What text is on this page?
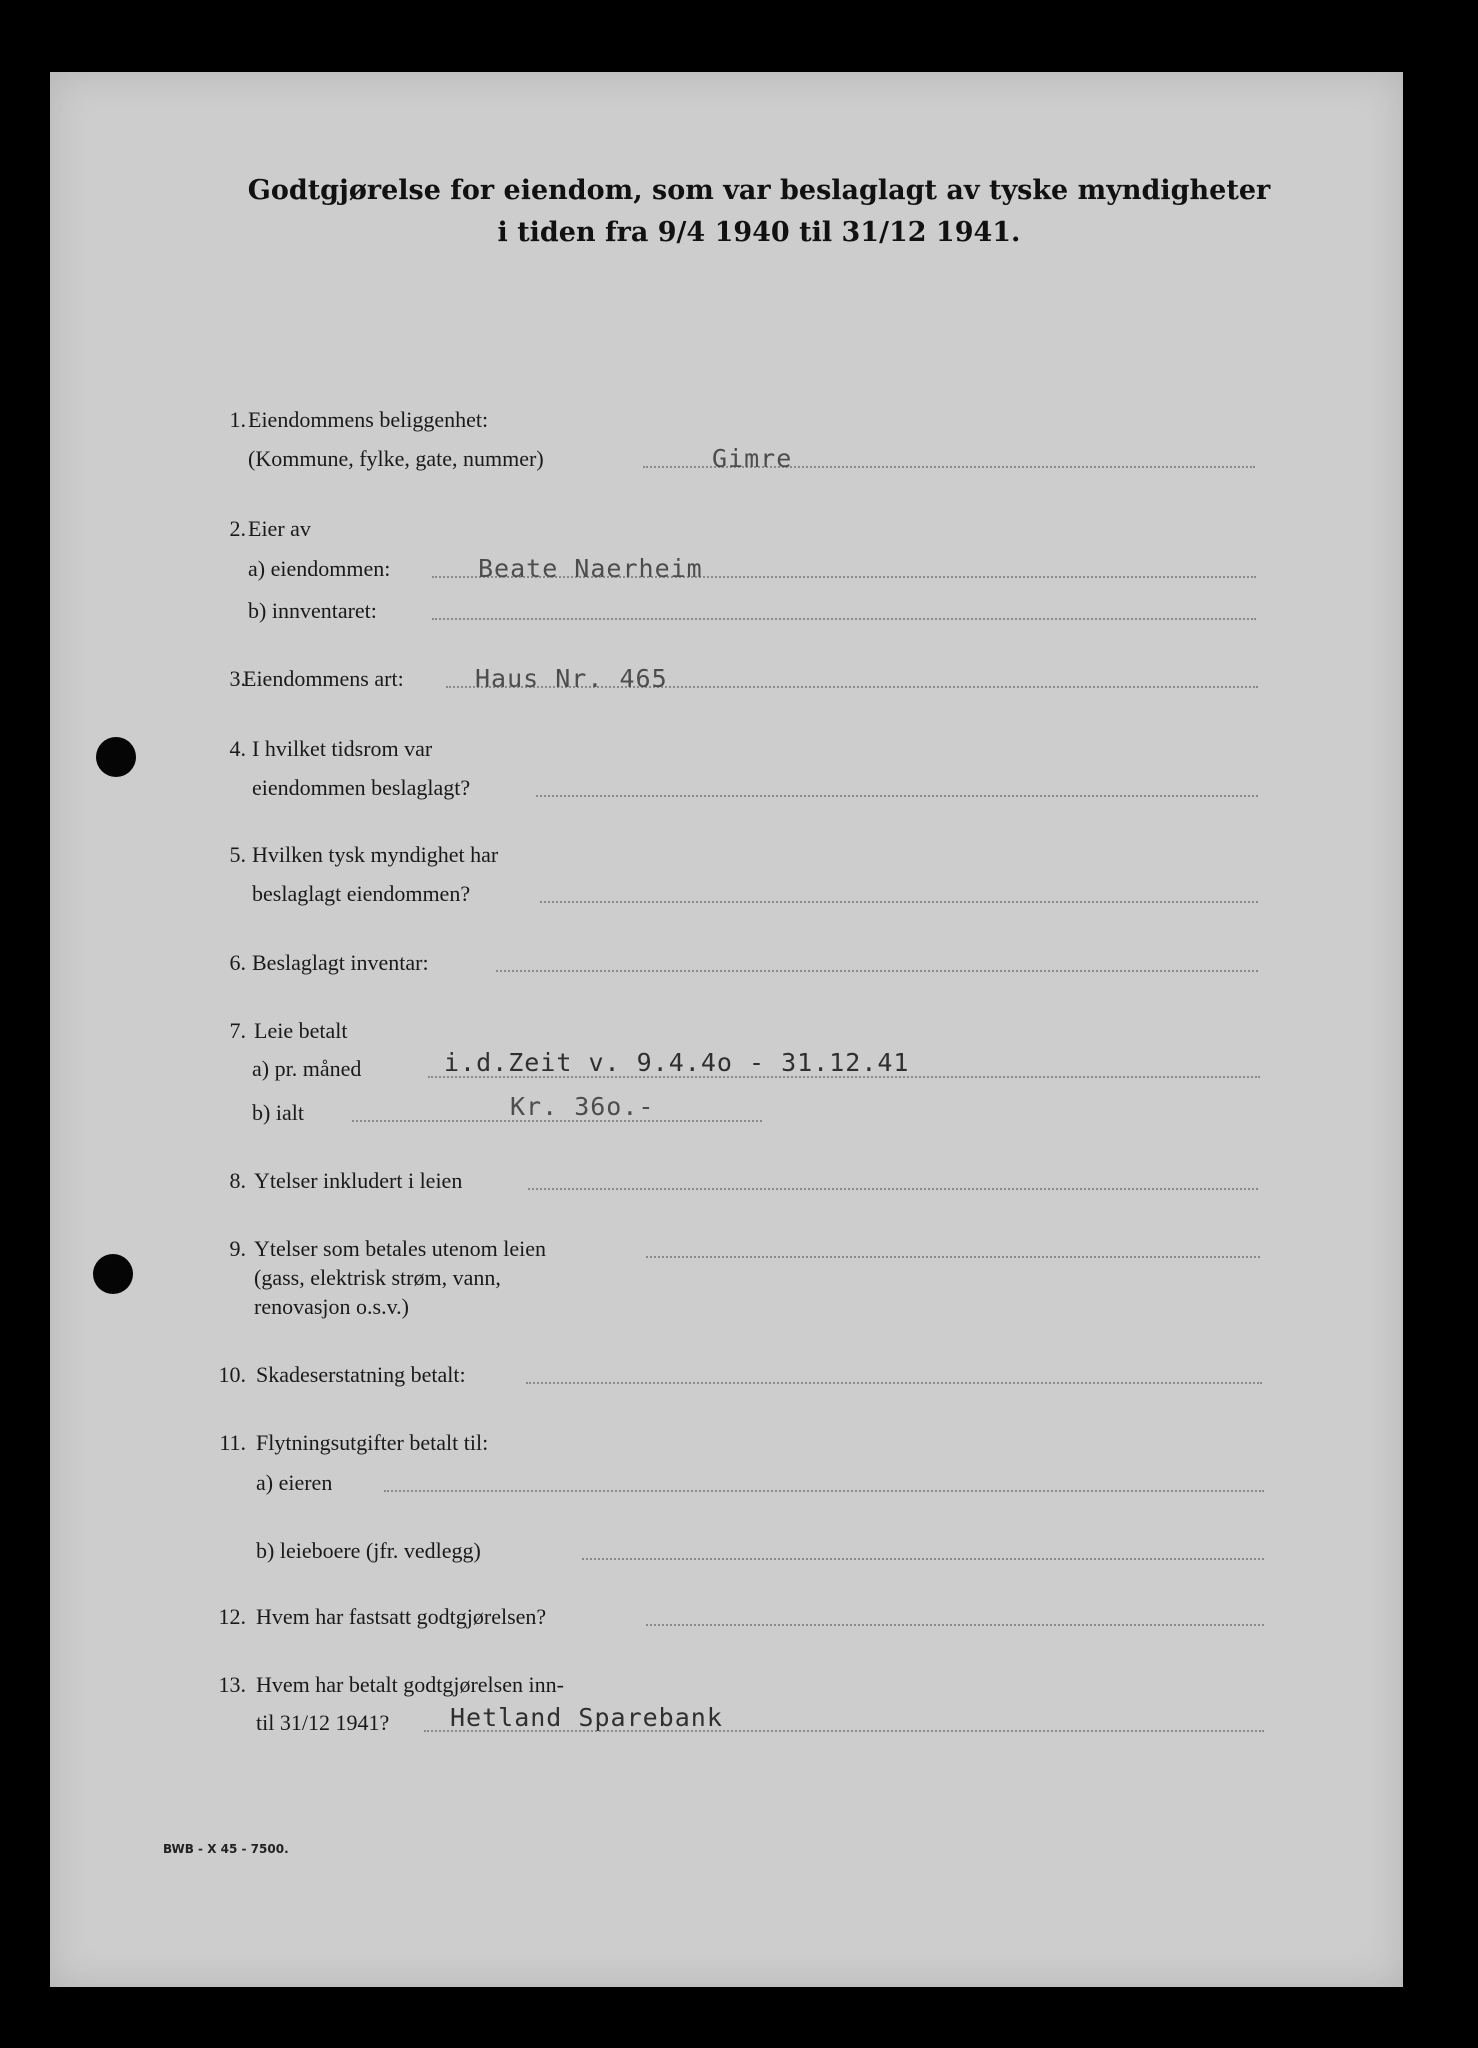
Godtgjørelse for eiendom, som var beslaglagt av tyske myndigheter
i tiden fra 9/4 1940 til 31/12 1941.
1. Eiendommens beliggenhet:
(Kommune, fylke, gate, nummer)	Gimre
2. Eier av
a) eiendommen:	Beate Naerheim
b) innventaret:
3.
Eiendommens art:	Haus Nr. 465
4. I hvilket tidsrom var
eiendommen beslaglagt?
5. Hvilken tysk myndighet har
beslaglagt eiendommen?
6. Beslaglagt inventar:
7. Leie betalt
a) pr. måned	i.d.Zeit v. 9.4.4o - 31.12.41
b) ialt	Kr. 36o.-
8. Ytelser inkludert i leien
9. Ytelser som betales utenom leien
(gass, elektrisk strøm, vann,
renovasjon o.s.v.)
10. Skadeserstatning betalt:
11. Flytningsutgifter betalt til:
a) eieren
b) leieboere (jfr. vedlegg)
12. Hvem har fastsatt godtgjørelsen?
13. Hvem har betalt godtgjørelsen inn-
til 31/12 1941? Hetland Sparebank
BWB - X 45 - 7500.
